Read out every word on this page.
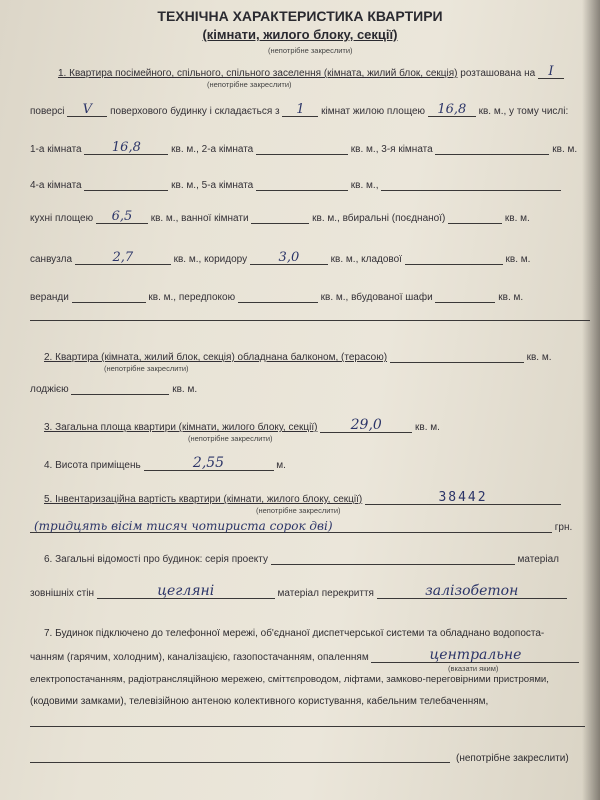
ТЕХНІЧНА ХАРАКТЕРИСТИКА КВАРТИРИ
(кімнати, жилого блоку, секції)
(непотрібне закреслити)
1. Квартира посімейного, спільного, спільного заселення (кімната, жилий блок, секція) розташована на	I
(непотрібне закреслити)
поверсі	V	поверхового будинку і складається з	1	кімнат жилою площею 16,8	кв. м., у тому числі:
1-а кімната	16,8	кв. м., 2-а кімната	кв. м., 3-я кімната	кв. м.
4-а кімната	кв. м., 5-а кімната	кв. м.,
кухні площею	6,5	кв. м., ванної кімнати	кв. м., вбиральні (поєднаної)	кв. м.
санвузла	2,7	кв. м., коридору	3,0	кв. м., кладової	кв. м.
веранди	кв. м., передпокою	кв. м., вбудованої шафи	кв. м.
2. Квартира (кімната, жилий блок, секція) обладнана балконом, (терасою)	кв. м.
(непотрібне закреслити)
лоджією	кв. м.
3. Загальна площа квартири (кімнати, жилого блоку, секції)	29,0	кв. м.
(непотрібне закреслити)
4. Висота приміщень	2,55	м.
5. Інвентаризаційна вартість квартири (кімнати, жилого блоку, секції)	38442
(непотрібне закреслити)
(тридцять вісім тисяч чотириста сорок дві)	грн.
6. Загальні відомості про будинок: серія проекту	матеріал
зовнішніх стін	цегляні	матеріал перекриття	залізобетон
7. Будинок підключено до телефонної мережі, об'єднаної диспетчерської системи та обладнано водопоста-
чанням (гарячим, холодним), каналізацією, газопостачанням, опаленням	центральне
(вказати яким)
електропостачанням, радіотрансляційною мережею, сміттєпроводом, ліфтами, замково-переговірними пристроями,
(кодовими замками), телевізійною антеною колективного користування, кабельним телебаченням,
(непотрібне закреслити)
